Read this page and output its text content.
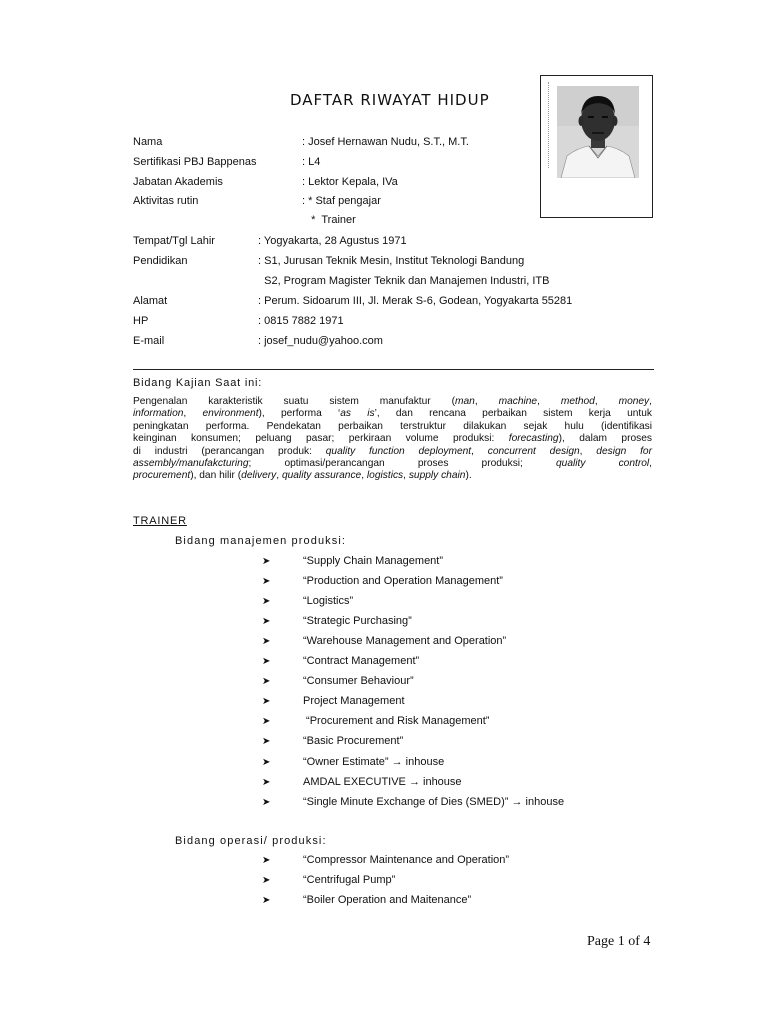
DAFTAR RIWAYAT HIDUP
Nama	: Josef Hernawan Nudu, S.T., M.T.
Sertifikasi PBJ Bappenas	: L4
Jabatan Akademis	: Lektor Kepala, IVa
Aktivitas rutin	: * Staf pengajar
*  Trainer
Tempat/Tgl Lahir	: Yogyakarta, 28 Agustus 1971
Pendidikan	: S1, Jurusan Teknik Mesin, Institut Teknologi Bandung
S2, Program Magister Teknik dan Manajemen Industri, ITB
Alamat	: Perum. Sidoarum III, Jl. Merak S-6, Godean, Yogyakarta 55281
HP	: 0815 7882 1971
E-mail	: josef_nudu@yahoo.com
Bidang Kajian Saat ini:
Pengenalan karakteristik suatu sistem manufaktur (man, machine, method, money,
information, environment), performa ‘as is’, dan rencana perbaikan sistem kerja untuk
peningkatan performa. Pendekatan perbaikan terstruktur dilakukan sejak hulu (identifikasi
keinginan konsumen; peluang pasar; perkiraan volume produksi: forecasting), dalam proses
di industri (perancangan produk: quality function deployment, concurrent design, design for
assembly/manufakcturing; optimasi/perancangan proses produksi; quality control,
procurement), dan hilir (delivery, quality assurance, logistics, supply chain).
TRAINER
Bidang manajemen produksi:
➤	“Supply Chain Management”
➤	“Production and Operation Management”
➤	“Logistics”
➤	“Strategic Purchasing”
➤	“Warehouse Management and Operation”
➤	“Contract Management”
➤	“Consumer Behaviour”
➤	Project Management
➤	“Procurement and Risk Management”
➤	“Basic Procurement”
➤	“Owner Estimate” → inhouse
➤	AMDAL EXECUTIVE → inhouse
➤	“Single Minute Exchange of Dies (SMED)” → inhouse
Bidang operasi/ produksi:
➤	“Compressor Maintenance and Operation”
➤	“Centrifugal Pump”
➤	“Boiler Operation and Maitenance”
Page 1 of 4
